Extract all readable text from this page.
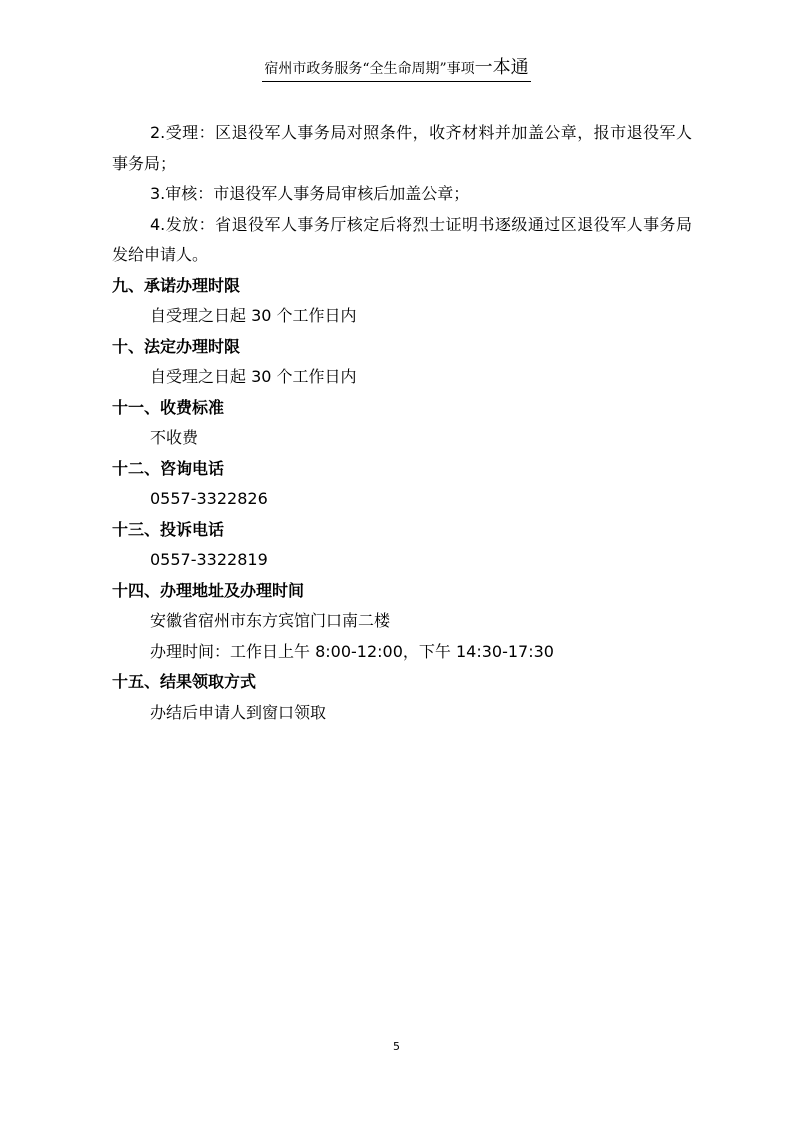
宿州市政务服务“全生命周期”事项一本通

2.受理：区退役军人事务局对照条件，收齐材料并加盖公章，报市退役军人事务局；

3.审核：市退役军人事务局审核后加盖公章；

4.发放：省退役军人事务厅核定后将烈士证明书逐级通过区退役军人事务局发给申请人。

九、承诺办理时限

自受理之日起 30 个工作日内

十、法定办理时限

自受理之日起 30 个工作日内

十一、收费标准

不收费

十二、咨询电话

0557-3322826

十三、投诉电话

0557-3322819

十四、办理地址及办理时间

安徽省宿州市东方宾馆门口南二楼

办理时间：工作日上午 8:00-12:00，下午 14:30-17:30

十五、结果领取方式

办结后申请人到窗口领取

5
